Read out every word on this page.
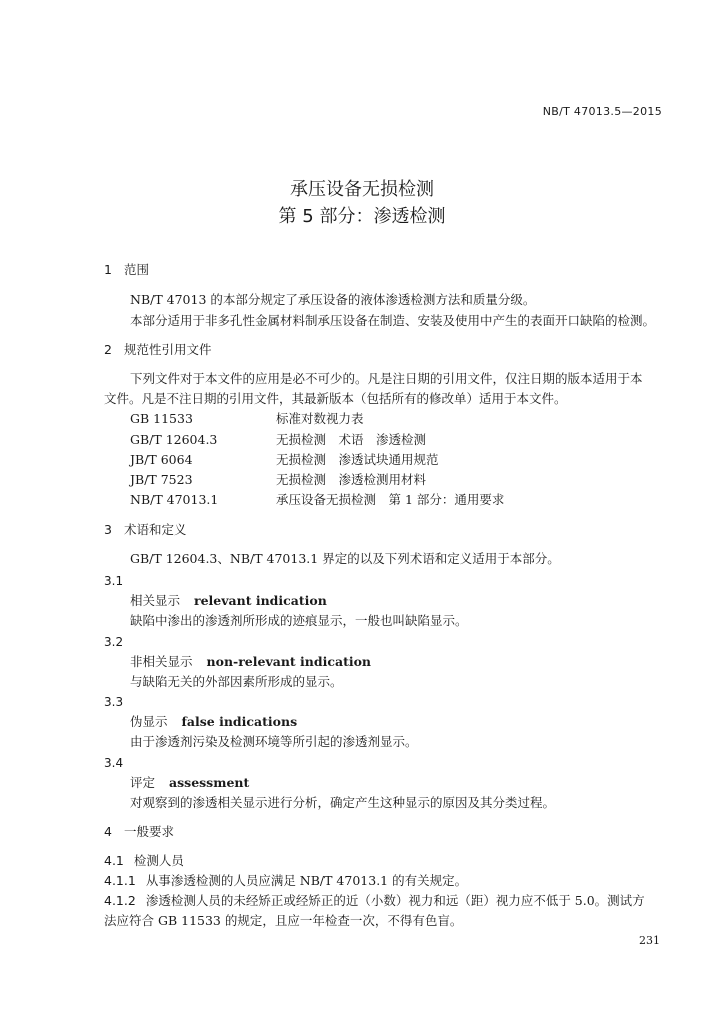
NB/T 47013.5—2015
承压设备无损检测
第 5 部分：渗透检测
1 范围
NB/T 47013 的本部分规定了承压设备的液体渗透检测方法和质量分级。
本部分适用于非多孔性金属材料制承压设备在制造、安装及使用中产生的表面开口缺陷的检测。
2 规范性引用文件
下列文件对于本文件的应用是必不可少的。凡是注日期的引用文件，仅注日期的版本适用于本
文件。凡是不注日期的引用文件，其最新版本（包括所有的修改单）适用于本文件。
GB 11533	标准对数视力表
GB/T 12604.3	无损检测　术语　渗透检测
JB/T 6064	无损检测　渗透试块通用规范
JB/T 7523	无损检测　渗透检测用材料
NB/T 47013.1	承压设备无损检测　第 1 部分：通用要求
3 术语和定义
GB/T 12604.3、NB/T 47013.1 界定的以及下列术语和定义适用于本部分。
3.1
相关显示 relevant indication
缺陷中渗出的渗透剂所形成的迹痕显示，一般也叫缺陷显示。
3.2
非相关显示 non-relevant indication
与缺陷无关的外部因素所形成的显示。
3.3
伪显示 false indications
由于渗透剂污染及检测环境等所引起的渗透剂显示。
3.4
评定 assessment
对观察到的渗透相关显示进行分析，确定产生这种显示的原因及其分类过程。
4 一般要求
4.1 检测人员
4.1.1 从事渗透检测的人员应满足 NB/T 47013.1 的有关规定。
4.1.2 渗透检测人员的未经矫正或经矫正的近（小数）视力和远（距）视力应不低于 5.0。测试方
法应符合 GB 11533 的规定，且应一年检查一次，不得有色盲。
231
